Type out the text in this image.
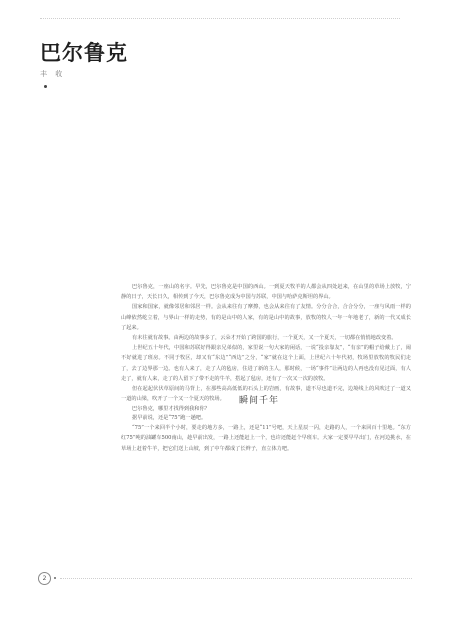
巴尔鲁克
丰 收

巴尔鲁克，一座山的名字。早先，巴尔鲁克是中国的西山。一到夏天牧羊的人都会从四处赶来，在山里的草场上放牧，宁静的日子，天长日久，相传到了今天，巴尔鲁克成为中国与苏联，中国与哈萨克斯坦的界山。

国家和国家，就像邻居和邻居一样。会从来往有了摩擦，也会从来往有了友情。分分合合，合合分分，一座与风雨一样的山峰依然屹立着，与界山一样的走势，有的是山中的人家，有的是山中的故事，放牧的牧人一年一年地老了，新的一代又成长了起来。

有未往就有故事。由两边的故事多了，云朵才开始了跨国的旅行，一个夏天，又一个夏天，一切都在悄悄地改变着。

上世纪五十年代，中国和苏联好得跟亲兄弟似的，家里说一句大家的闲话，一说“投亲靠友”，“有亲”的帽子给戴上了，闹不好就进了班房。不同于牧区，却又有“东边”“西边”之分，“家”就在这个上面，上世纪六十年代初，牧场里放牧的牧民们走了，去了边界那一边。也有人来了，走了人的毡房，住进了新的主人，那时候，一场“事件”让两边的人再也没有见过面，有人走了，就有人来，走了的人留下了带不走的牛羊，搭起了毡房，还有了一次又一次的放牧。

但在起起伏伏草原间的马背上，在那些高高低低的石头上的岩画，有故事，道不尽也道不完，边境线上的风吹过了一道又一道的山梁，吹开了一个又一个夏天的牧场。

巴尔鲁克，哪里才找得到我和你？

瞬间千年

据早前说，还是“75”跑一趟吧。

“75”一个来回半个小时，要走的地方多，一路上，还是“11”号吧，天上星辰一闪，走路的人，一个来回百十里地。“东方红75”吨的油罐车500南山，趁早前出发，一路上还能赶上一个，也许还能赶个早班车。大家一定要早早出门，在河边挑水，在草场上赶着牛羊，把它们送上山坡，到了中午都成了长辫子，直立体力吧。

2
